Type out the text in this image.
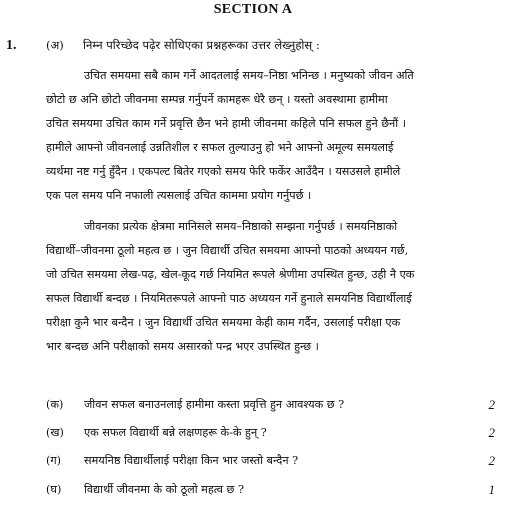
SECTION A
1.	(अ) निम्न परिच्छेद पढ़ेर सोधिएका प्रश्नहरूका उत्तर लेख्नुहोस् :
उचित समयमा सबै काम गर्ने आदतलाई समय–निष्ठा भनिन्छ । मनुष्यको जीवन अति
छोटो छ अनि छोटो जीवनमा सम्पन्न गर्नुपर्ने कामहरू धेरै छन् । यस्तो अवस्थामा हामीमा
उचित समयमा उचित काम गर्ने प्रवृत्ति छैन भने हामी जीवनमा कहिले पनि सफल हुने छैनौं ।
हामीले आफ्नो जीवनलाई उन्नतिशील र सफल तुल्याउनु हो भने आफ्नो अमूल्य समयलाई
व्यर्थमा नष्ट गर्नु हुँदैन । एकपल्ट बितेर गएको समय फेरि फर्केर आउँदैन । यसउसले हामीले
एक पल समय पनि नफाली त्यसलाई उचित काममा प्रयोग गर्नुपर्छ ।
जीवनका प्रत्येक क्षेत्रमा मानिसले समय–निष्ठाको सम्झना गर्नुपर्छ । समयनिष्ठाको
विद्यार्थी–जीवनमा ठूलो महत्व छ । जुन विद्यार्थी उचित समयमा आफ्नो पाठको अध्ययन गर्छ,
जो उचित समयमा लेख-पढ़, खेल-कूद गर्छ नियमित रूपले श्रेणीमा उपस्थित हुन्छ, उही नै एक
सफल विद्यार्थी बन्दछ । नियमितरूपले आफ्नो पाठ अध्ययन गर्ने हुनाले समयनिष्ठ विद्यार्थीलाई
परीक्षा कुनै भार बन्दैन । जुन विद्यार्थी उचित समयमा केही काम गर्दैन, उसलाई परीक्षा एक
भार बन्दछ अनि परीक्षाको समय असारको पन्द्र भएर उपस्थित हुन्छ ।
(क) जीवन सफल बनाउनलाई हामीमा कस्ता प्रवृत्ति हुन आवश्यक छ ?	2
(ख) एक सफल विद्यार्थी बन्ने लक्षणहरू के-के हुन् ?	2
(ग) समयनिष्ठ विद्यार्थीलाई परीक्षा किन भार जस्तो बन्दैन ?	2
(घ) विद्यार्थी जीवनमा के को ठूलो महत्व छ ?	1
